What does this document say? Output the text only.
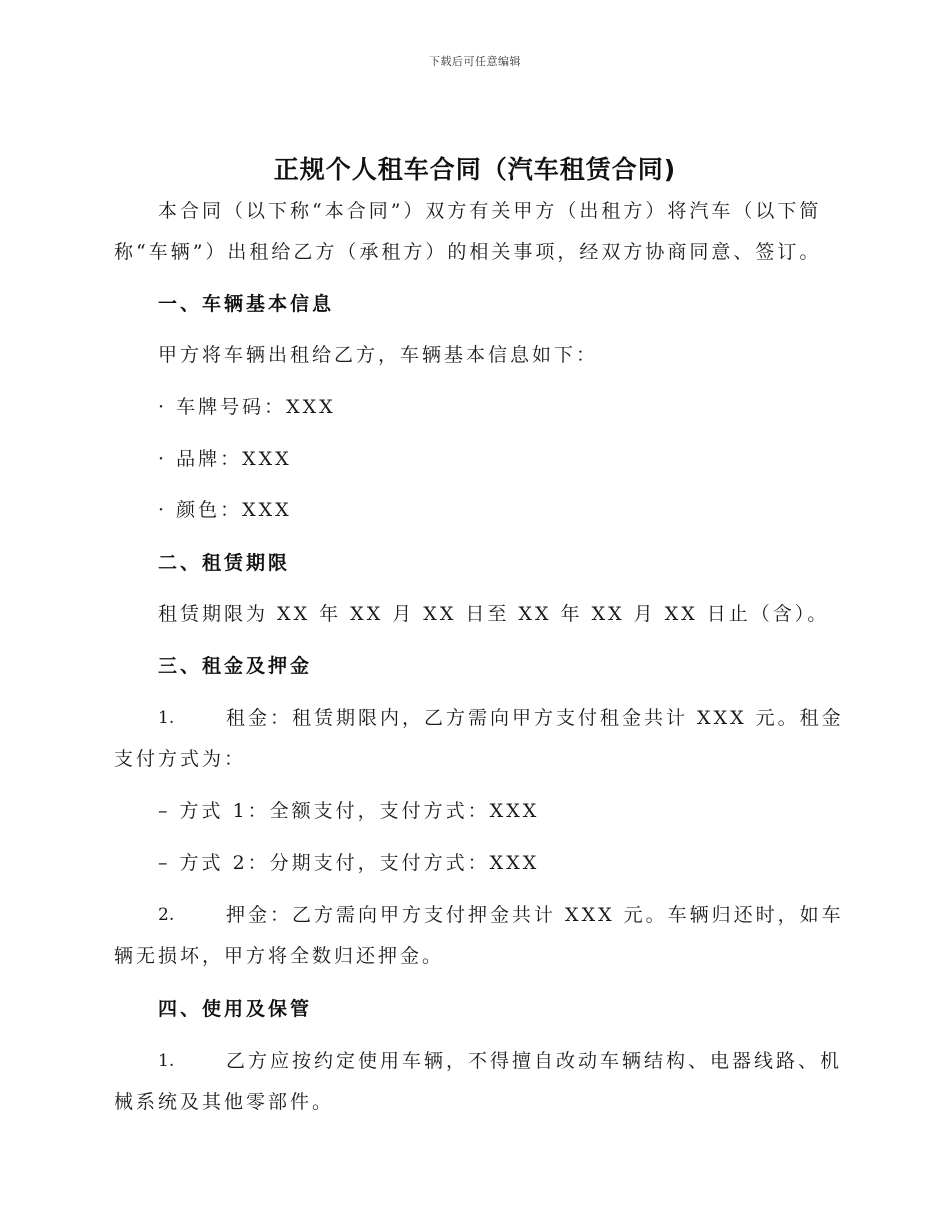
下载后可任意编辑
正规个人租车合同（汽车租赁合同)
本合同（以下称“本合同”）双方有关甲方（出租方）将汽车（以下简
称“车辆”）出租给乙方（承租方）的相关事项，经双方协商同意、签订。
一、车辆基本信息
甲方将车辆出租给乙方，车辆基本信息如下：
· 车牌号码：XXX
· 品牌：XXX
· 颜色：XXX
二、租赁期限
租赁期限为 XX 年 XX 月 XX 日至 XX 年 XX 月 XX 日止（含）。
三、租金及押金
1.	租金：租赁期限内，乙方需向甲方支付租金共计 XXX 元。租金
支付方式为：
– 方式 1：全额支付，支付方式：XXX
– 方式 2：分期支付，支付方式：XXX
2.	押金：乙方需向甲方支付押金共计 XXX 元。车辆归还时，如车
辆无损坏，甲方将全数归还押金。
四、使用及保管
1.	乙方应按约定使用车辆，不得擅自改动车辆结构、电器线路、机
械系统及其他零部件。
